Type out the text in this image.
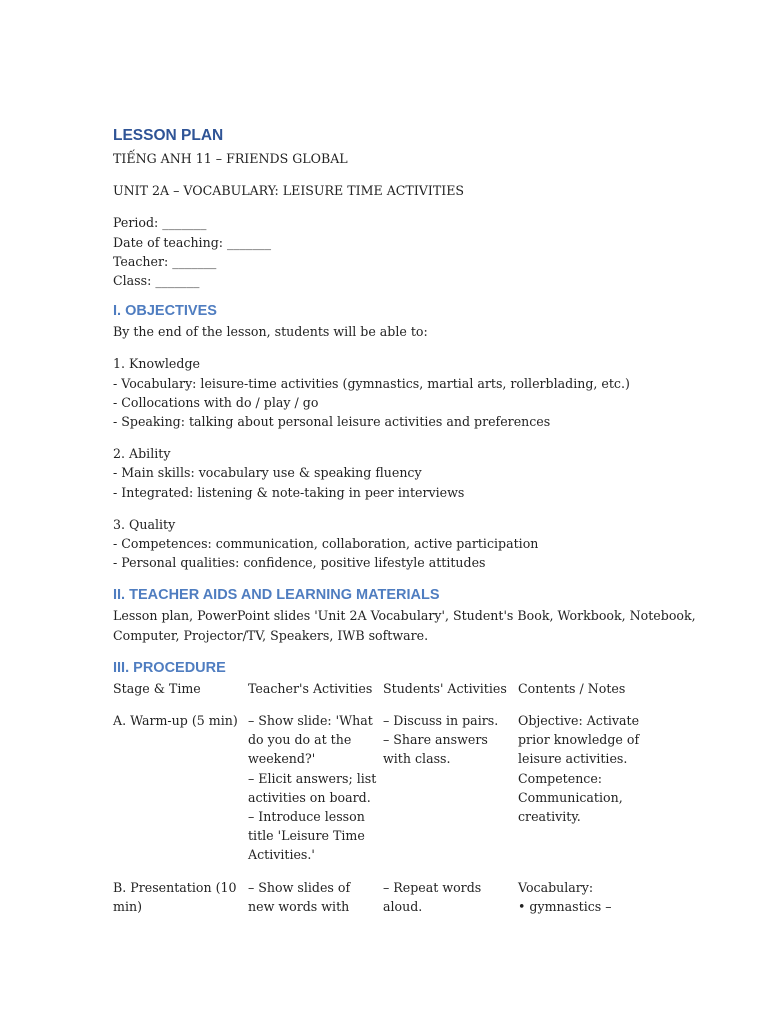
LESSON PLAN
TIẾNG ANH 11 – FRIENDS GLOBAL
UNIT 2A – VOCABULARY: LEISURE TIME ACTIVITIES
Period: _______
Date of teaching: _______
Teacher: _______
Class: _______
I. OBJECTIVES
By the end of the lesson, students will be able to:
1. Knowledge
- Vocabulary: leisure-time activities (gymnastics, martial arts, rollerblading, etc.)
- Collocations with do / play / go
- Speaking: talking about personal leisure activities and preferences
2. Ability
- Main skills: vocabulary use & speaking fluency
- Integrated: listening & note-taking in peer interviews
3. Quality
- Competences: communication, collaboration, active participation
- Personal qualities: confidence, positive lifestyle attitudes
II. TEACHER AIDS AND LEARNING MATERIALS
Lesson plan, PowerPoint slides 'Unit 2A Vocabulary', Student's Book, Workbook, Notebook,
Computer, Projector/TV, Speakers, IWB software.
III. PROCEDURE
Stage & Time	Teacher's Activities Students' Activities Contents / Notes
A. Warm-up (5 min) – Show slide: 'What
do you do at the
weekend?'
– Elicit answers; list
activities on board.
– Introduce lesson
title 'Leisure Time
Activities.'
– Discuss in pairs.
– Share answers
with class.
Objective: Activate
prior knowledge of
leisure activities.
Competence:
Communication,
creativity.
B. Presentation (10
min)
– Show slides of
new words with
– Repeat words
aloud.
Vocabulary:
• gymnastics –
